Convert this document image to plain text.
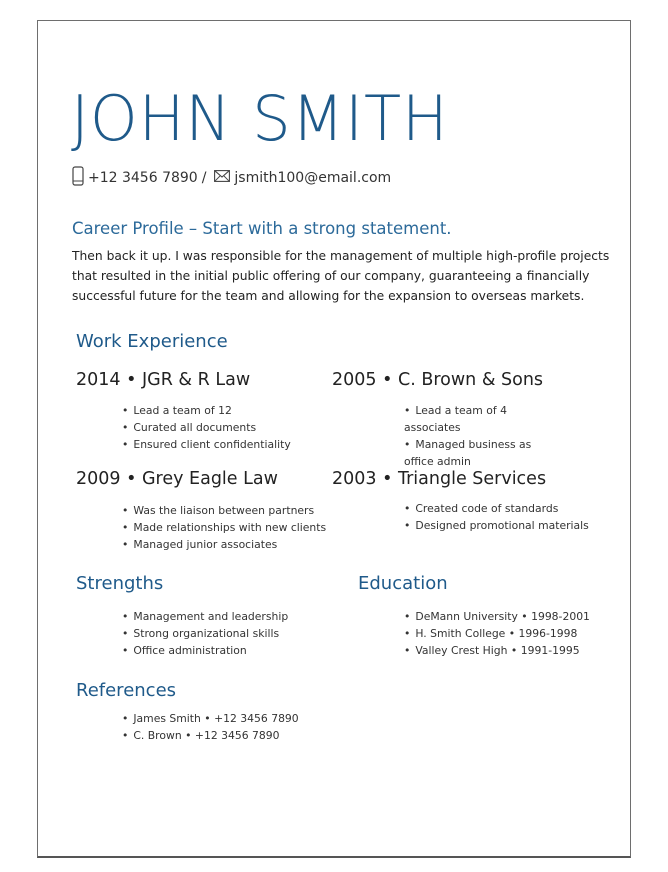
JOHN SMITH
+12 3456 7890 / jsmith100@email.com
Career Profile – Start with a strong statement.

Then back it up. I was responsible for the management of multiple high-profile projects that resulted in the initial public offering of our company, guaranteeing a financially successful future for the team and allowing for the expansion to overseas markets.

Work Experience
2014 • JGR & R Law
• Lead a team of 12
• Curated all documents
• Ensured client confidentiality
2005 • C. Brown & Sons
• Lead a team of 4 associates
• Managed business as office admin
2009 • Grey Eagle Law
• Was the liaison between partners
• Made relationships with new clients
• Managed junior associates
2003 • Triangle Services
• Created code of standards
• Designed promotional materials
Strengths
• Management and leadership
• Strong organizational skills
• Office administration
Education
• DeMann University • 1998-2001
• H. Smith College • 1996-1998
• Valley Crest High • 1991-1995
References
• James Smith • +12 3456 7890
• C. Brown • +12 3456 7890
